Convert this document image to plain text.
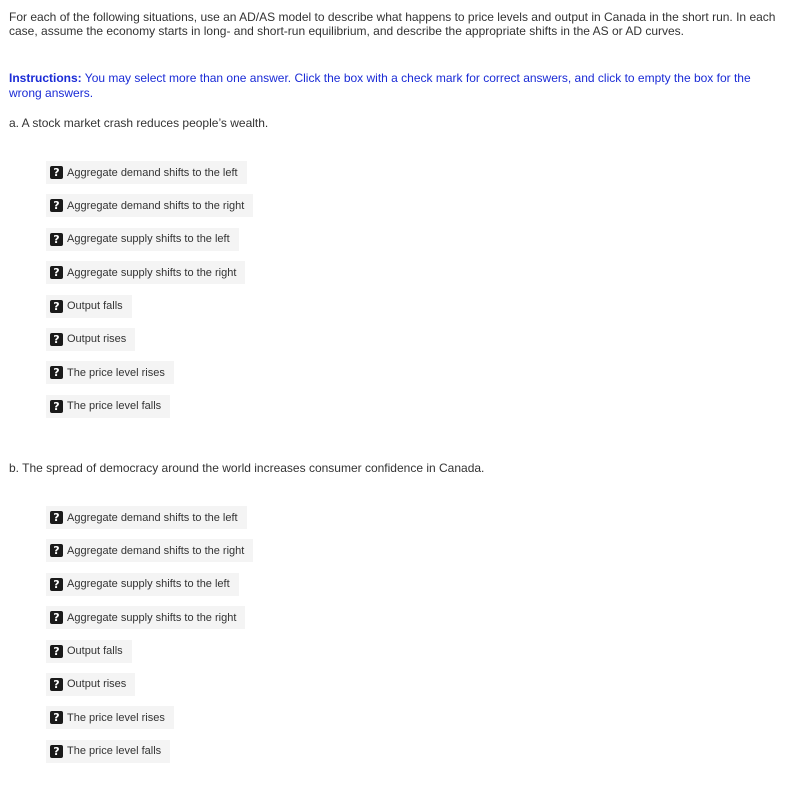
For each of the following situations, use an AD/AS model to describe what happens to price levels and output in Canada in the short run. In each case, assume the economy starts in long- and short-run equilibrium, and describe the appropriate shifts in the AS or AD curves.

Instructions: You may select more than one answer. Click the box with a check mark for correct answers, and click to empty the box for the wrong answers.

a. A stock market crash reduces people’s wealth.

? Aggregate demand shifts to the left
? Aggregate demand shifts to the right
? Aggregate supply shifts to the left
? Aggregate supply shifts to the right
? Output falls
? Output rises
? The price level rises
? The price level falls

b. The spread of democracy around the world increases consumer confidence in Canada.

? Aggregate demand shifts to the left
? Aggregate demand shifts to the right
? Aggregate supply shifts to the left
? Aggregate supply shifts to the right
? Output falls
? Output rises
? The price level rises
? The price level falls
